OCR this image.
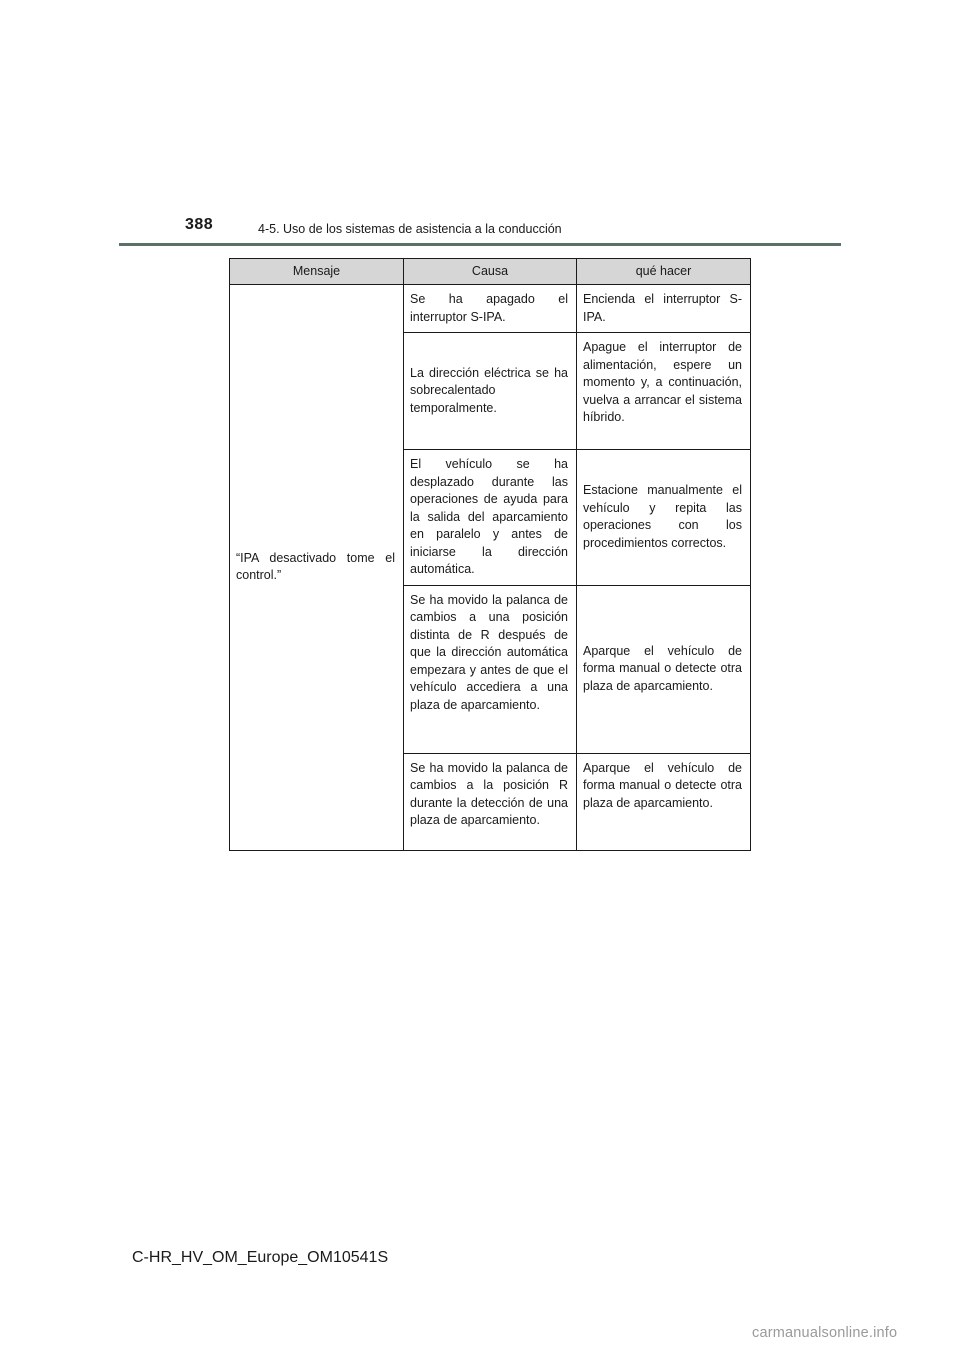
388	4-5. Uso de los sistemas de asistencia a la conducción
Mensaje	Causa	qué hacer
“IPA desactivado tome el control.”	Se ha apagado el interruptor S-IPA.	Encienda el interruptor S-IPA.
	La dirección eléctrica se ha sobrecalentado temporalmente.	Apague el interruptor de alimentación, espere un momento y, a continuación, vuelva a arrancar el sistema híbrido.
	El vehículo se ha desplazado durante las operaciones de ayuda para la salida del aparcamiento en paralelo y antes de iniciarse la dirección automática.	Estacione manualmente el vehículo y repita las operaciones con los procedimientos correctos.
	Se ha movido la palanca de cambios a una posición distinta de R después de que la dirección automática empezara y antes de que el vehículo accediera a una plaza de aparcamiento.	Aparque el vehículo de forma manual o detecte otra plaza de aparcamiento.
	Se ha movido la palanca de cambios a la posición R durante la detección de una plaza de aparcamiento.	Aparque el vehículo de forma manual o detecte otra plaza de aparcamiento.
C-HR_HV_OM_Europe_OM10541S
carmanualsonline.info
